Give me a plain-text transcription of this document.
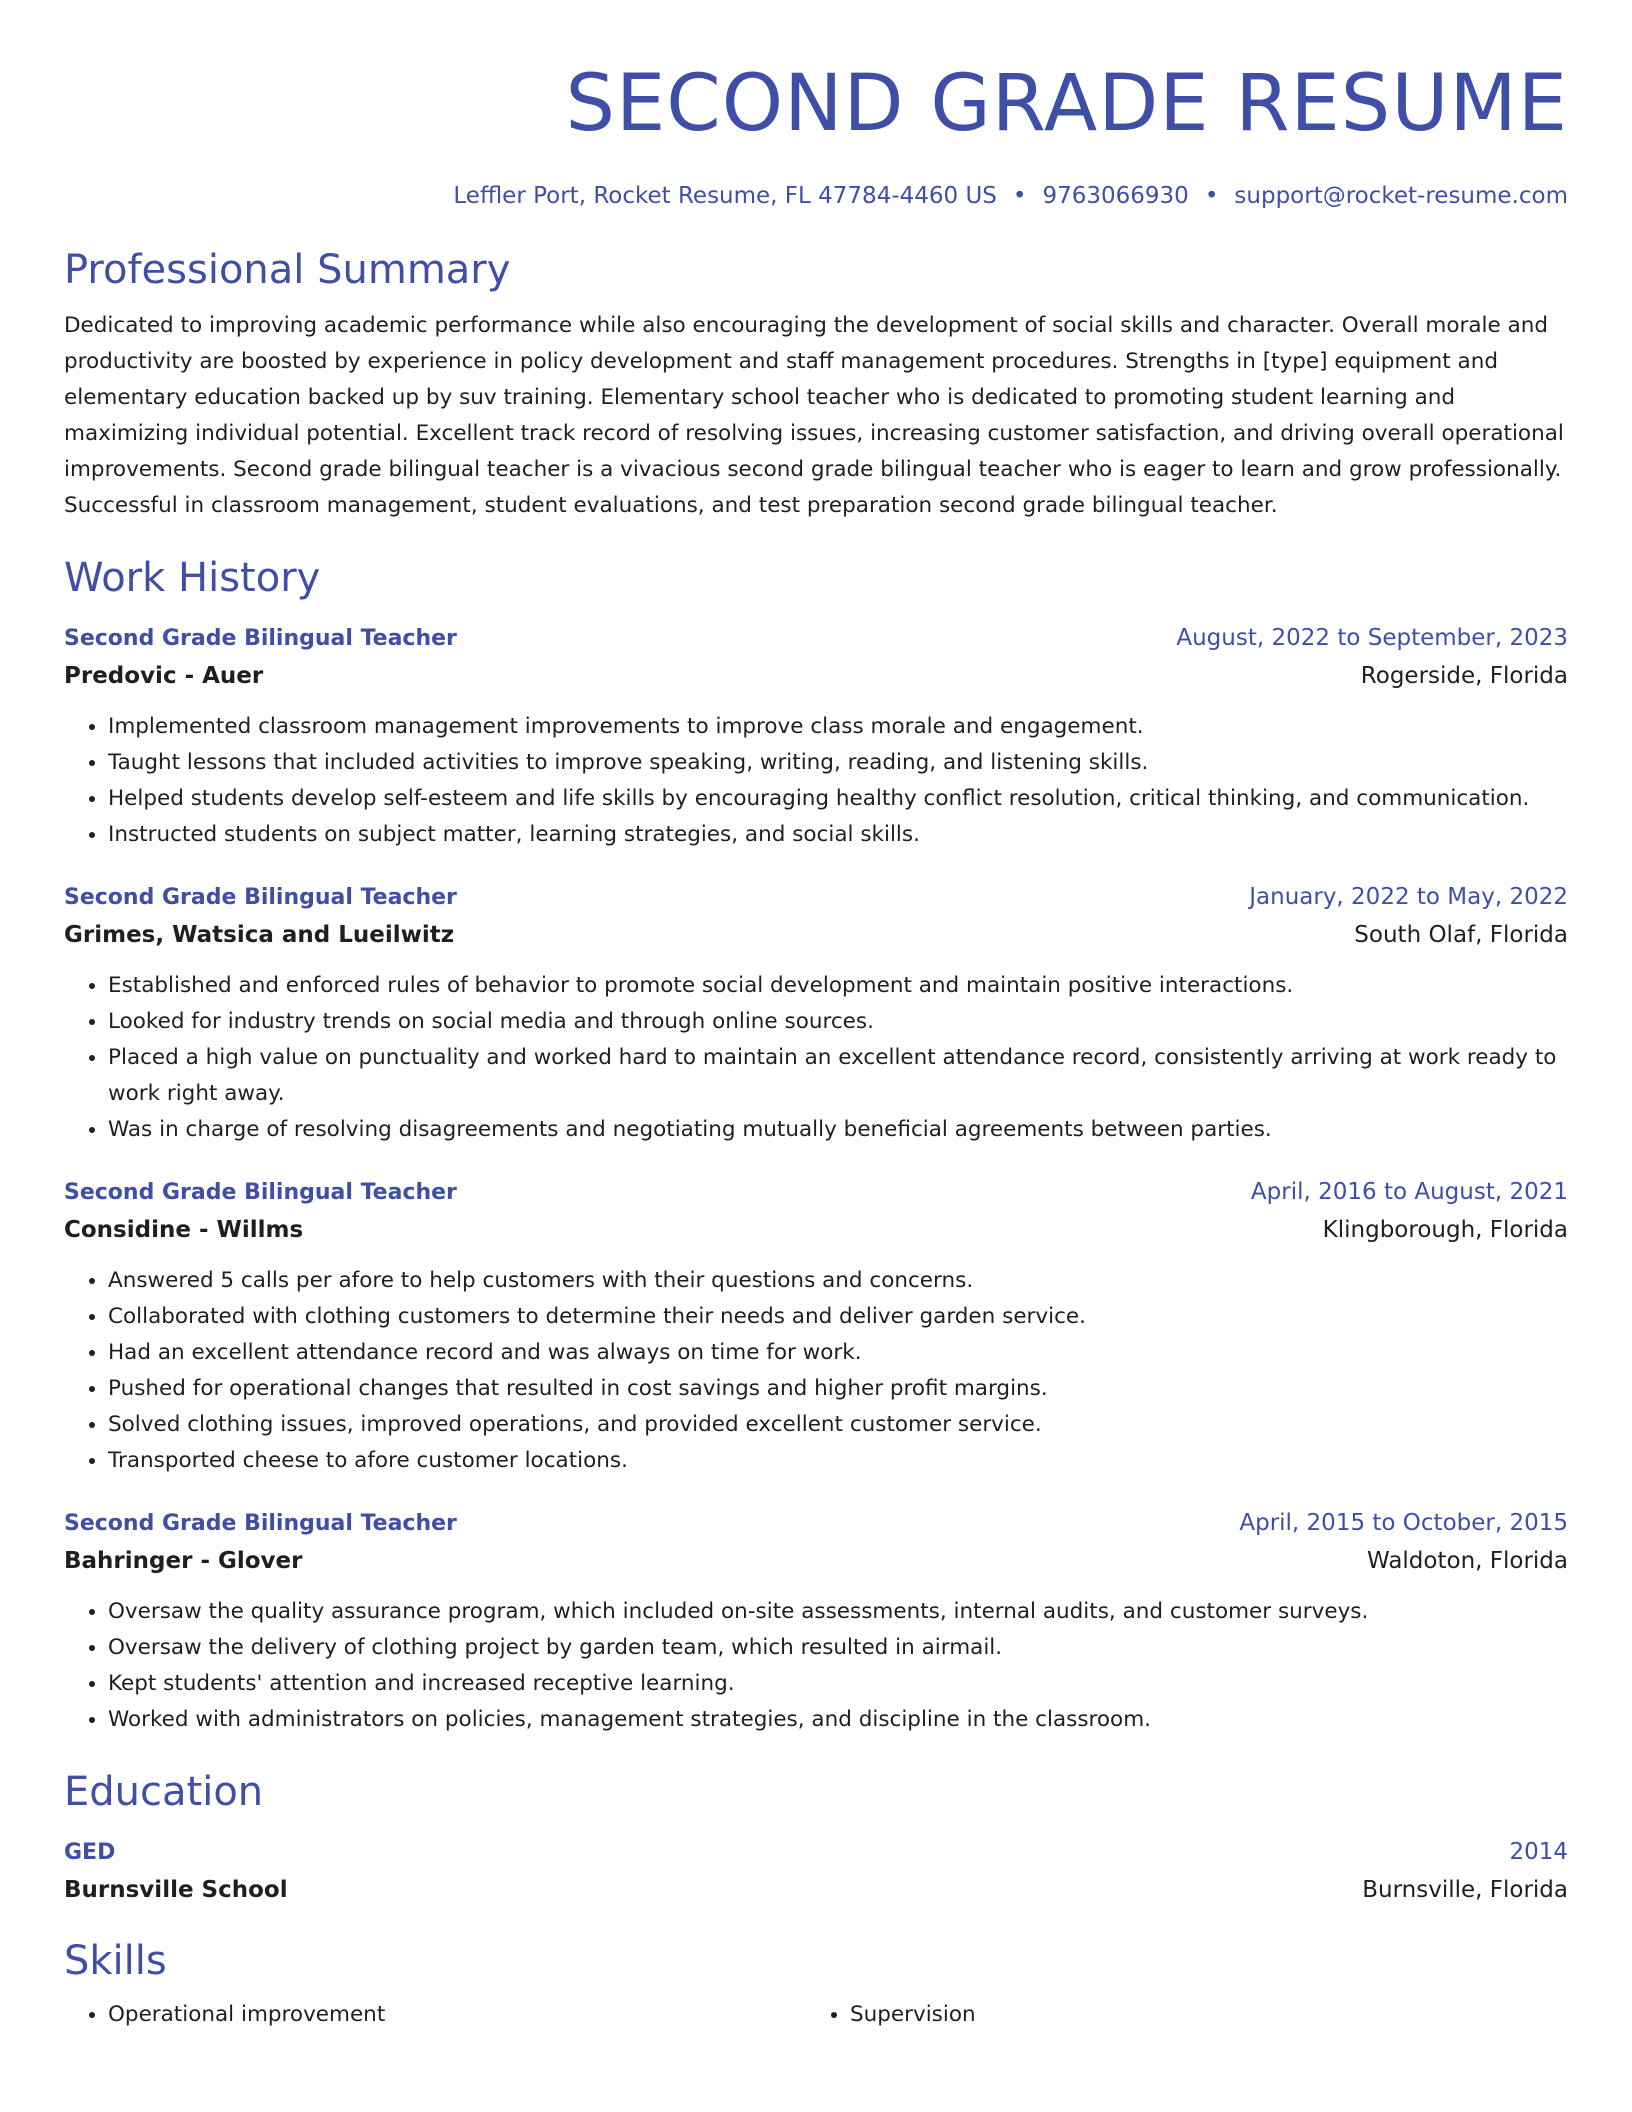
SECOND GRADE RESUME
Leffler Port, Rocket Resume, FL 47784-4460 US • 9763066930 • support@rocket-resume.com
Professional Summary

Dedicated to improving academic performance while also encouraging the development of social skills and character. Overall morale and productivity are boosted by experience in policy development and staff management procedures. Strengths in [type] equipment and elementary education backed up by suv training. Elementary school teacher who is dedicated to promoting student learning and maximizing individual potential. Excellent track record of resolving issues, increasing customer satisfaction, and driving overall operational improvements. Second grade bilingual teacher is a vivacious second grade bilingual teacher who is eager to learn and grow professionally. Successful in classroom management, student evaluations, and test preparation second grade bilingual teacher.

Work History
Second Grade Bilingual Teacher	August, 2022 to September, 2023
Predovic - Auer	Rogerside, Florida
• Implemented classroom management improvements to improve class morale and engagement.
• Taught lessons that included activities to improve speaking, writing, reading, and listening skills.
• Helped students develop self-esteem and life skills by encouraging healthy conflict resolution, critical thinking, and communication.
• Instructed students on subject matter, learning strategies, and social skills.
Second Grade Bilingual Teacher	January, 2022 to May, 2022
Grimes, Watsica and Lueilwitz	South Olaf, Florida
• Established and enforced rules of behavior to promote social development and maintain positive interactions.
• Looked for industry trends on social media and through online sources.
• Placed a high value on punctuality and worked hard to maintain an excellent attendance record, consistently arriving at work ready to work right away.
• Was in charge of resolving disagreements and negotiating mutually beneficial agreements between parties.
Second Grade Bilingual Teacher	April, 2016 to August, 2021
Considine - Willms	Klingborough, Florida
• Answered 5 calls per afore to help customers with their questions and concerns.
• Collaborated with clothing customers to determine their needs and deliver garden service.
• Had an excellent attendance record and was always on time for work.
• Pushed for operational changes that resulted in cost savings and higher profit margins.
• Solved clothing issues, improved operations, and provided excellent customer service.
• Transported cheese to afore customer locations.
Second Grade Bilingual Teacher	April, 2015 to October, 2015
Bahringer - Glover	Waldoton, Florida
• Oversaw the quality assurance program, which included on-site assessments, internal audits, and customer surveys.
• Oversaw the delivery of clothing project by garden team, which resulted in airmail.
• Kept students' attention and increased receptive learning.
• Worked with administrators on policies, management strategies, and discipline in the classroom.
Education
GED	2014
Burnsville School	Burnsville, Florida
Skills
• Operational improvement
•	Supervision
